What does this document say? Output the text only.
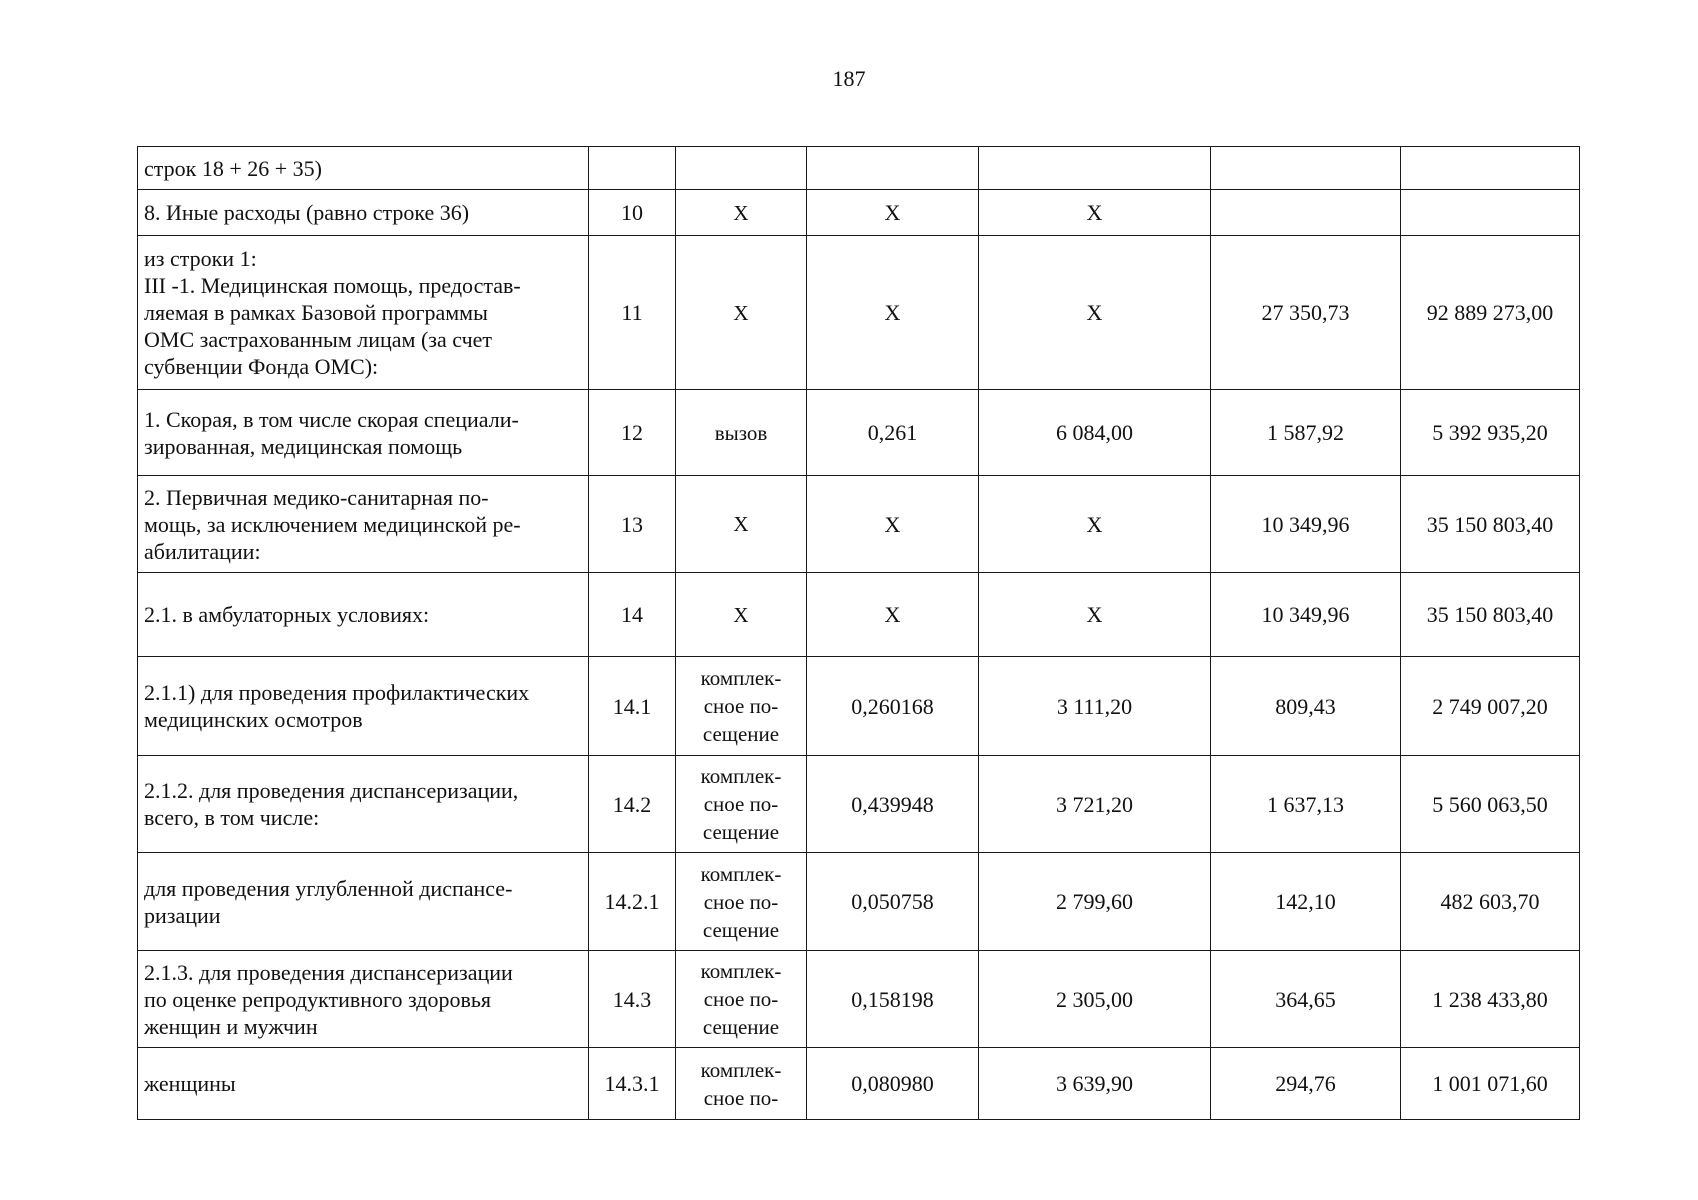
187
строк 18 + 26 + 35)						

8. Иные расходы (равно строке 36)	10	X	X	X		

из строки 1:
III -1. Медицинская помощь, предостав-
ляемая в рамках Базовой программы
ОМС застрахованным лицам (за счет
субвенции Фонда ОМС):	11	X	X	X	27 350,73	92 889 273,00

1. Скорая, в том числе скорая специали-
зированная, медицинская помощь	12	вызов	0,261	6 084,00	1 587,92	5 392 935,20

2. Первичная медико-санитарная по-
мощь, за исключением медицинской ре-
абилитации:	13	X	X	X	10 349,96	35 150 803,40

2.1. в амбулаторных условиях:	14	X	X	X	10 349,96	35 150 803,40

2.1.1) для проведения профилактических
медицинских осмотров	14.1	комплек-
сное по-
сещение	0,260168	3 111,20	809,43	2 749 007,20

2.1.2. для проведения диспансеризации,
всего, в том числе:	14.2	комплек-
сное по-
сещение	0,439948	3 721,20	1 637,13	5 560 063,50

для проведения углубленной диспансе-
ризации	14.2.1	комплек-
сное по-
сещение	0,050758	2 799,60	142,10	482 603,70

2.1.3. для проведения диспансеризации
по оценке репродуктивного здоровья
женщин и мужчин	14.3	комплек-
сное по-
сещение	0,158198	2 305,00	364,65	1 238 433,80

женщины	14.3.1	комплек-
сное по-	0,080980	3 639,90	294,76	1 001 071,60
